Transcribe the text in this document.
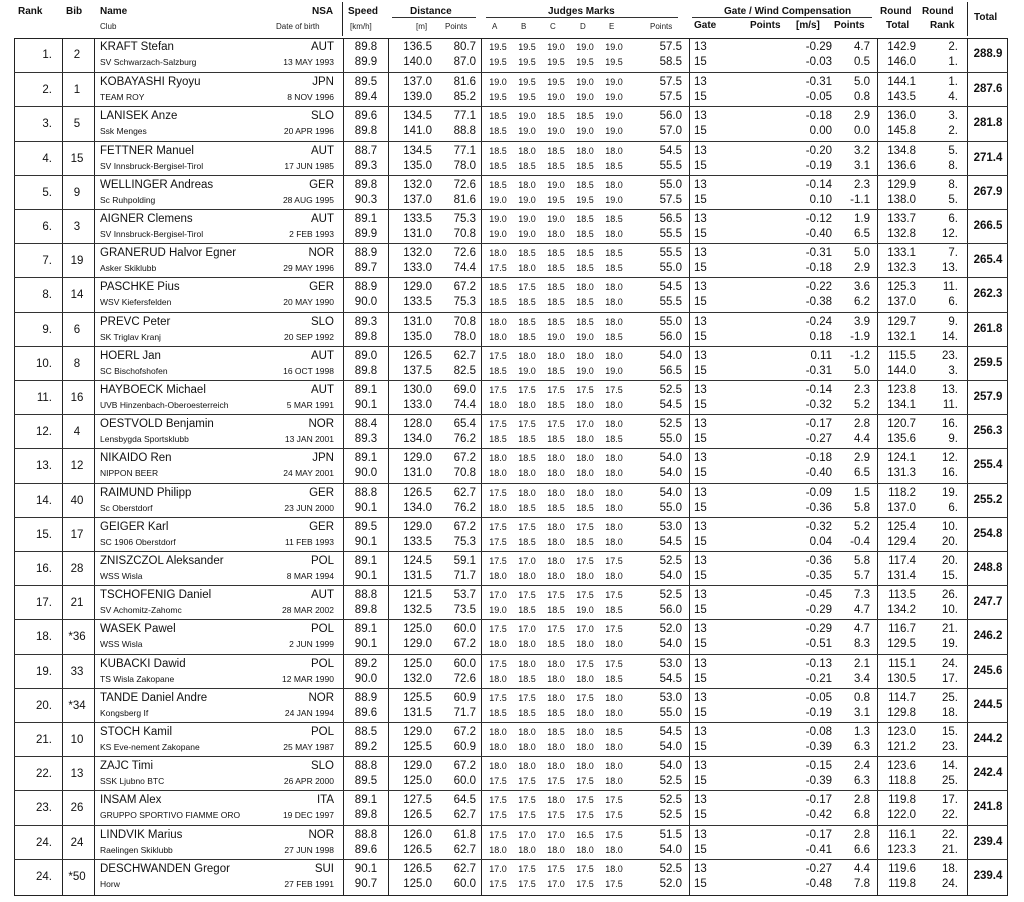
Rank Bib Name
Club
NSA
Date of birth
Speed
[km/h]
Distance
[m] Points
Judges Marks
A	B	C	D	E	Points
Gate / Wind Compensation
Gate	Points [m/s] Points
Round
Total
Round
Rank
Total
1.	2
KRAFT Stefan
SV Schwarzach-Salzburg
AUT
13 MAY 1993
89.8	136.5	80.7	19.5	19.5	19.0	19.0	19.0	57.5 13	-0.29	4.7	142.9	2.
89.9	140.0	87.0	19.5	19.5	19.5	19.5	19.5	58.5 15	-0.03	0.5	146.0	1.
288.9
2.	1
KOBAYASHI Ryoyu
TEAM ROY
JPN
8 NOV 1996
89.5	137.0	81.6	19.0	19.5	19.5	19.0	19.0	57.5 13	-0.31	5.0	144.1	1.
89.4	139.0	85.2	19.5	19.5	19.0	19.0	19.0	57.5 15	-0.05	0.8	143.5	4.
287.6
3.	5
LANISEK Anze
Ssk Menges
SLO
20 APR 1996
89.6	134.5	77.1	18.5	19.0	18.5	18.5	19.0	56.0 13	-0.18	2.9	136.0	3.
89.8	141.0	88.8	18.5	19.0	19.0	19.0	19.0	57.0 15	0.00	0.0	145.8	2.
281.8
4.	15
FETTNER Manuel
SV Innsbruck-Bergisel-Tirol
AUT
17 JUN 1985
88.7	134.5	77.1	18.5	18.0	18.5	18.0	18.0	54.5 13	-0.20	3.2	134.8	5.
89.3	135.0	78.0	18.5	18.5	18.5	18.5	18.5	55.5 15	-0.19	3.1	136.6	8.
271.4
5.	9
WELLINGER Andreas
Sc Ruhpolding
GER
28 AUG 1995
89.8	132.0	72.6	18.5	18.0	19.0	18.5	18.0	55.0 13	-0.14	2.3	129.9	8.
90.3	137.0	81.6	19.0	19.0	19.5	19.5	19.0	57.5 15	0.10	-1.1	138.0	5.
267.9
6.	3
AIGNER Clemens
SV Innsbruck-Bergisel-Tirol
AUT
2 FEB 1993
89.1	133.5	75.3	19.0	19.0	19.0	18.5	18.5	56.5 13	-0.12	1.9	133.7	6.
89.9	131.0	70.8	19.0	19.0	18.0	18.5	18.0	55.5 15	-0.40	6.5	132.8	12.
266.5
7.	19
GRANERUD Halvor Egner
Asker Skiklubb
NOR
29 MAY 1996
88.9	132.0	72.6	18.0	18.5	18.5	18.5	18.5	55.5 13	-0.31	5.0	133.1	7.
89.7	133.0	74.4	17.5	18.0	18.5	18.5	18.5	55.0 15	-0.18	2.9	132.3	13.
265.4
8.	14
PASCHKE Pius
WSV Kiefersfelden
GER
20 MAY 1990
88.9	129.0	67.2	18.5	17.5	18.5	18.0	18.0	54.5 13	-0.22	3.6	125.3	11.
90.0	133.5	75.3	18.5	18.5	18.5	18.5	18.0	55.5 15	-0.38	6.2	137.0	6.
262.3
9.	6
PREVC Peter
SK Triglav Kranj
SLO
20 SEP 1992
89.3	131.0	70.8	18.0	18.5	18.5	18.5	18.0	55.0 13	-0.24	3.9	129.7	9.
89.8	135.0	78.0	18.0	18.5	19.0	19.0	18.5	56.0 15	0.18	-1.9	132.1	14.
261.8
10.	8
HOERL Jan
SC Bischofshofen
AUT
16 OCT 1998
89.0	126.5	62.7	17.5	18.0	18.0	18.0	18.0	54.0 13	0.11	-1.2	115.5	23.
89.8	137.5	82.5	18.5	19.0	18.5	19.0	19.0	56.5 15	-0.31	5.0	144.0	3.
259.5
11.	16
HAYBOECK Michael
UVB Hinzenbach-Oberoesterreich
AUT
5 MAR 1991
89.1	130.0	69.0	17.5	17.5	17.5	17.5	17.5	52.5 13	-0.14	2.3	123.8	13.
90.1	133.0	74.4	18.0	18.0	18.5	18.0	18.0	54.5 15	-0.32	5.2	134.1	11.
257.9
12.	4
OESTVOLD Benjamin
Lensbygda Sportsklubb
NOR
13 JAN 2001
88.4	128.0	65.4	17.5	17.5	17.5	17.0	18.0	52.5 13	-0.17	2.8	120.7	16.
89.3	134.0	76.2	18.5	18.5	18.5	18.0	18.5	55.0 15	-0.27	4.4	135.6	9.
256.3
13.	12
NIKAIDO Ren
NIPPON BEER
JPN
24 MAY 2001
89.1	129.0	67.2	18.0	18.5	18.0	18.0	18.0	54.0 13	-0.18	2.9	124.1	12.
90.0	131.0	70.8	18.0	18.0	18.0	18.0	18.0	54.0 15	-0.40	6.5	131.3	16.
255.4
14.	40
RAIMUND Philipp
Sc Oberstdorf
GER
23 JUN 2000
88.8	126.5	62.7	17.5	18.0	18.0	18.0	18.0	54.0 13	-0.09	1.5	118.2	19.
90.1	134.0	76.2	18.0	18.5	18.5	18.5	18.0	55.0 15	-0.36	5.8	137.0	6.
255.2
15.	17
GEIGER Karl
SC 1906 Oberstdorf
GER
11 FEB 1993
89.5	129.0	67.2	17.5	17.5	18.0	17.5	18.0	53.0 13	-0.32	5.2	125.4	10.
90.1	133.5	75.3	17.5	18.5	18.0	18.5	18.0	54.5 15	0.04	-0.4	129.4	20.
254.8
16.	28
ZNISZCZOL Aleksander
WSS Wisla
POL
8 MAR 1994
89.1	124.5	59.1	17.5	17.0	18.0	17.5	17.5	52.5 13	-0.36	5.8	117.4	20.
90.1	131.5	71.7	18.0	18.0	18.0	18.0	18.0	54.0 15	-0.35	5.7	131.4	15.
248.8
17.	21
TSCHOFENIG Daniel
SV Achomitz-Zahomc
AUT
28 MAR 2002
88.8	121.5	53.7	17.0	17.5	17.5	17.5	17.5	52.5 13	-0.45	7.3	113.5	26.
89.8	132.5	73.5	19.0	18.5	18.5	19.0	18.5	56.0 15	-0.29	4.7	134.2	10.
247.7
18.	*36
WASEK Pawel
WSS Wisla
POL
2 JUN 1999
89.1	125.0	60.0	17.5	17.0	17.5	17.0	17.5	52.0 13	-0.29	4.7	116.7	21.
90.1	129.0	67.2	18.0	18.0	18.5	18.0	18.0	54.0 15	-0.51	8.3	129.5	19.
246.2
19.	33
KUBACKI Dawid
TS Wisla Zakopane
POL
12 MAR 1990
89.2	125.0	60.0	17.5	18.0	18.0	17.5	17.5	53.0 13	-0.13	2.1	115.1	24.
90.0	132.0	72.6	18.0	18.5	18.0	18.0	18.5	54.5 15	-0.21	3.4	130.5	17.
245.6
20.	*34
TANDE Daniel Andre
Kongsberg If
NOR
24 JAN 1994
88.9	125.5	60.9	17.5	17.5	18.0	17.5	18.0	53.0 13	-0.05	0.8	114.7	25.
89.6	131.5	71.7	18.5	18.5	18.5	18.0	18.0	55.0 15	-0.19	3.1	129.8	18.
244.5
21.	10
STOCH Kamil
KS Eve-nement Zakopane
POL
25 MAY 1987
88.5	129.0	67.2	18.0	18.0	18.5	18.0	18.5	54.5 13	-0.08	1.3	123.0	15.
89.2	125.5	60.9	18.0	18.0	18.0	18.0	18.0	54.0 15	-0.39	6.3	121.2	23.
244.2
22.	13
ZAJC Timi
SSK Ljubno BTC
SLO
26 APR 2000
88.8	129.0	67.2	18.0	18.0	18.0	18.0	18.0	54.0 13	-0.15	2.4	123.6	14.
89.5	125.0	60.0	17.5	17.5	17.5	17.5	18.0	52.5 15	-0.39	6.3	118.8	25.
242.4
23.	26
INSAM Alex
GRUPPO SPORTIVO FIAMME ORO
ITA
19 DEC 1997
89.1	127.5	64.5	17.5	17.5	18.0	17.5	17.5	52.5 13	-0.17	2.8	119.8	17.
89.8	126.5	62.7	17.5	17.5	17.5	17.5	17.5	52.5 15	-0.42	6.8	122.0	22.
241.8
24.	24
LINDVIK Marius
Raelingen Skiklubb
NOR
27 JUN 1998
88.8	126.0	61.8	17.5	17.0	17.0	16.5	17.5	51.5 13	-0.17	2.8	116.1	22.
89.6	126.5	62.7	18.0	18.0	18.0	18.0	18.0	54.0 15	-0.41	6.6	123.3	21.
239.4
24.	*50
DESCHWANDEN Gregor
Horw
SUI
27 FEB 1991
90.1	126.5	62.7	17.0	17.5	17.5	17.5	18.0	52.5 13	-0.27	4.4	119.6	18.
90.7	125.0	60.0	17.5	17.5	17.0	17.5	17.5	52.0 15	-0.48	7.8	119.8	24.
239.4
